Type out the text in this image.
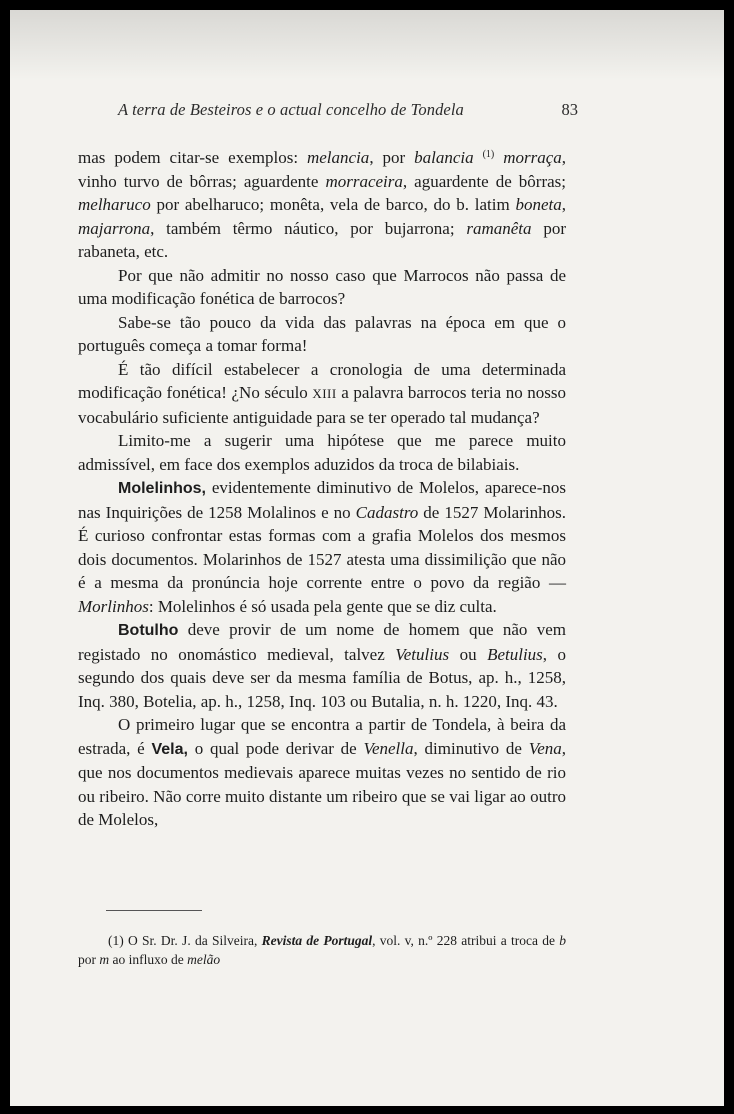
A terra de Besteiros e o actual concelho de Tondela	83

mas podem citar-se exemplos: melancia, por balancia $^{(1)}$ morraça, vinho turvo de bôrras; aguardente morraceira, aguardente de bôrras; melharuco por abelharuco; monêta, vela de barco, do b. latim boneta, majarrona, também têrmo náutico, por bujarrona; ramanêta por rabaneta, etc.

Por que não admitir no nosso caso que Marrocos não passa de uma modificação fonética de barrocos?

Sabe-se tão pouco da vida das palavras na época em que o português começa a tomar forma!

É tão difícil estabelecer a cronologia de uma determinada modificação fonética! ¿No século XIII a palavra barrocos teria no nosso vocabulário suficiente antiguidade para se ter operado tal mudança?

Limito-me a sugerir uma hipótese que me parece muito admissível, em face dos exemplos aduzidos da troca de bilabiais.

Molelinhos, evidentemente diminutivo de Molelos, aparece-nos nas Inquirições de 1258 Molalinos e no Cadastro de 1527 Molarinhos. É curioso confrontar estas formas com a grafia Molelos dos mesmos dois documentos. Molarinhos de 1527 atesta uma dissimilição que não é a mesma da pronúncia hoje corrente entre o povo da região — Morlinhos: Molelinhos é só usada pela gente que se diz culta.

Botulho deve provir de um nome de homem que não vem registado no onomástico medieval, talvez Vetulius ou Betulius, o segundo dos quais deve ser da mesma família de Botus, ap. h., 1258, Inq. 380, Botelia, ap. h., 1258, Inq. 103 ou Butalia, n. h. 1220, Inq. 43.

O primeiro lugar que se encontra a partir de Tondela, à beira da estrada, é Vela, o qual pode derivar de Venella, diminutivo de Vena, que nos documentos medievais aparece muitas vezes no sentido de rio ou ribeiro. Não corre muito distante um ribeiro que se vai ligar ao outro de Molelos,

(1) O Sr. Dr. J. da Silveira, Revista de Portugal, vol. v, n.º 228 atribui a troca de b por m ao influxo de melão
